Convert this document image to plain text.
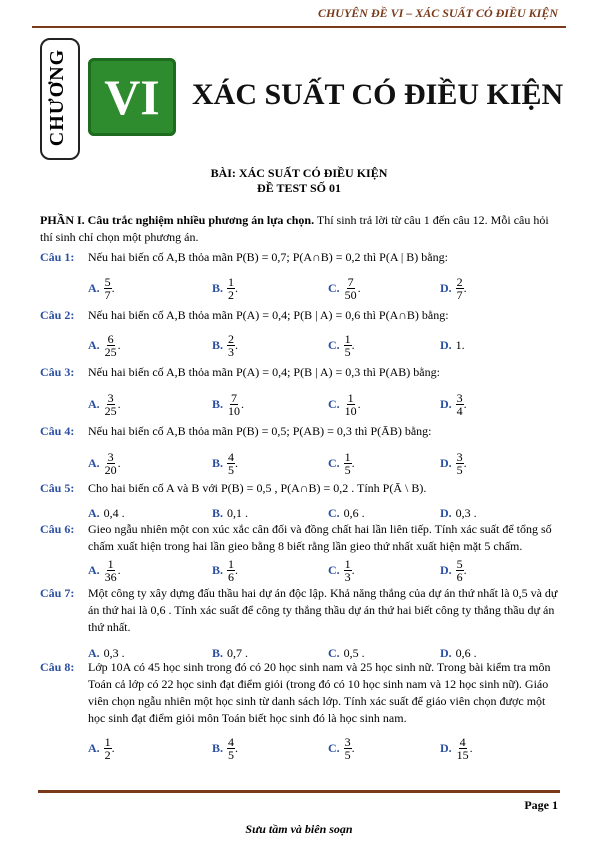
CHUYÊN ĐỀ VI – XÁC SUẤT CÓ ĐIỀU KIỆN
CHƯƠNG VI XÁC SUẤT CÓ ĐIỀU KIỆN
BÀI: XÁC SUẤT CÓ ĐIỀU KIỆN
ĐỀ TEST SỐ 01
PHẦN I. Câu trắc nghiệm nhiều phương án lựa chọn. Thí sinh trả lời từ câu 1 đến câu 12. Mỗi câu hỏi thí sinh chỉ chọn một phương án.
Câu 1: Nếu hai biến cố A,B thỏa mãn P(B) = 0,7; P(A∩B) = 0,2 thì P(A | B) bằng:
A. $\frac{5}{7}$ .	B. $\frac{1}{2}$ .	C. $\frac{7}{50}$ .	D. $\frac{2}{7}$ .
Câu 2: Nếu hai biến cố A,B thỏa mãn P(A) = 0,4; P(B | A) = 0,6 thì P(A∩B) bằng:
A. $\frac{6}{25}$ .	B. $\frac{2}{3}$ .	C. $\frac{1}{5}$ .	D. 1.
Câu 3: Nếu hai biến cố A,B thỏa mãn P(A) = 0,4; P(B | A) = 0,3 thì P(AB) bằng:
A. $\frac{3}{25}$ .	B. $\frac{7}{10}$ .	C. $\frac{1}{10}$ .	D. $\frac{3}{4}$ .
Câu 4: Nếu hai biến cố A,B thỏa mãn P(B) = 0,5; P(AB) = 0,3 thì P(ĀB) bằng:
A. $\frac{3}{20}$ .	B. $\frac{4}{5}$ .	C. $\frac{1}{5}$ .	D. $\frac{3}{5}$ .
Câu 5: Cho hai biến cố A và B với P(B) = 0,5 , P(A∩B) = 0,2 . Tính P(Ā \ B).
A. 0,4 .	B. 0,1 .	C. 0,6 .	D. 0,3 .
Câu 6: Gieo ngẫu nhiên một con xúc xắc cân đối và đồng chất hai lần liên tiếp. Tính xác suất để tổng số chấm xuất hiện trong hai lần gieo bằng 8 biết rằng lần gieo thứ nhất xuất hiện mặt 5 chấm.
A. $\frac{1}{36}$ .	B. $\frac{1}{6}$ .	C. $\frac{1}{3}$ .	D. $\frac{5}{6}$ .
Câu 7: Một công ty xây dựng đấu thầu hai dự án độc lập. Khả năng thắng của dự án thứ nhất là 0,5 và dự án thứ hai là 0,6 . Tính xác suất để công ty thắng thầu dự án thứ hai biết công ty thắng thầu dự án thứ nhất.
A. 0,3 .	B. 0,7 .	C. 0,5 .	D. 0,6 .
Câu 8: Lớp 10A có 45 học sinh trong đó có 20 học sinh nam và 25 học sinh nữ. Trong bài kiểm tra môn Toán cả lớp có 22 học sinh đạt điểm giỏi (trong đó có 10 học sinh nam và 12 học sinh nữ). Giáo viên chọn ngẫu nhiên một học sinh từ danh sách lớp. Tính xác suất để giáo viên chọn được một học sinh đạt điểm giỏi môn Toán biết học sinh đó là học sinh nam.
A. $\frac{1}{2}$ .	B. $\frac{4}{5}$ .	C. $\frac{3}{5}$ .	D. $\frac{4}{15}$ .
Page 1
Sưu tầm và biên soạn
